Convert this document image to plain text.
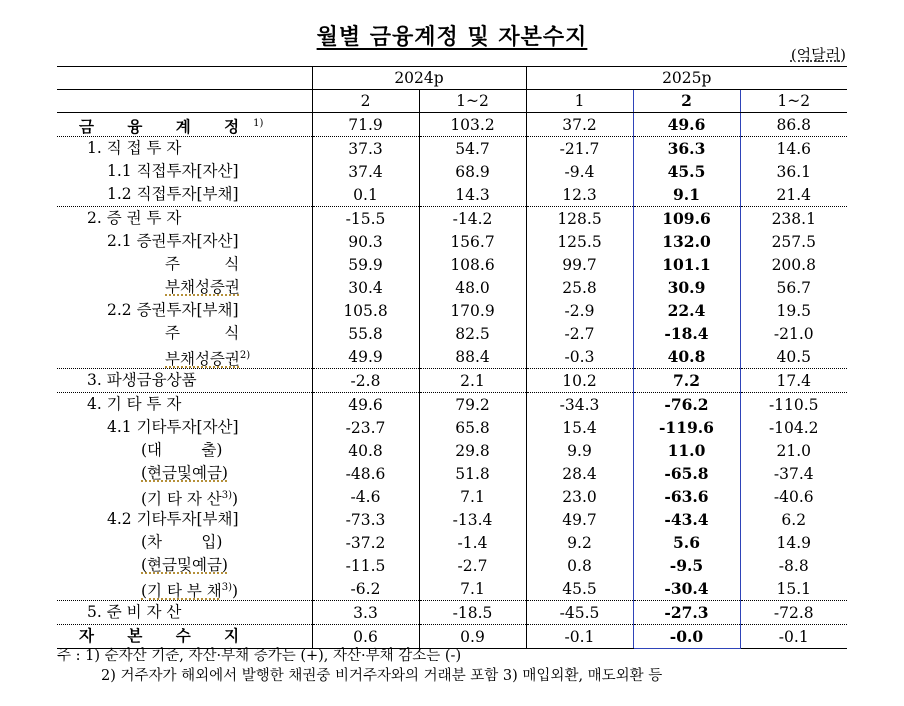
월별 금융계정 및 자본수지
(억달러)
	2024p		2025p		
	2	1~2	1	2	1~2

금 융 계 정$^{1)}$	71.9	103.2	37.2	49.6	86.8

1. 직 접 투 자	37.3	54.7	-21.7	36.3	14.6

1.1 직접투자[자산]	37.4	68.9	-9.4	45.5	36.1

1.2 직접투자[부채]	0.1	14.3	12.3	9.1	21.4

2. 증 권 투 자	-15.5	-14.2	128.5	109.6	238.1

2.1 증권투자[자산]	90.3	156.7	125.5	132.0	257.5

주         식	59.9	108.6	99.7	101.1	200.8

부채성증권	30.4	48.0	25.8	30.9	56.7

2.2 증권투자[부채]	105.8	170.9	-2.9	22.4	19.5

주         식	55.8	82.5	-2.7	-18.4	-21.0

부채성증권$^{2)}$	49.9	88.4	-0.3	40.8	40.5

3. 파생금융상품	-2.8	2.1	10.2	7.2	17.4

4. 기 타 투 자	49.6	79.2	-34.3	-76.2	-110.5

4.1 기타투자[자산]	-23.7	65.8	15.4	-119.6	-104.2

(대        출)	40.8	29.8	9.9	11.0	21.0

(현금및예금)	-48.6	51.8	28.4	-65.8	-37.4

(기 타 자 산$^{3)}$)	-4.6	7.1	23.0	-63.6	-40.6

4.2 기타투자[부채]	-73.3	-13.4	49.7	-43.4	6.2

(차        입)	-37.2	-1.4	9.2	5.6	14.9

(현금및예금)	-11.5	-2.7	0.8	-9.5	-8.8

(기 타 부 채$^{3)}$)	-6.2	7.1	45.5	-30.4	15.1

5. 준 비 자 산	3.3	-18.5	-45.5	-27.3	-72.8

자 본 수 지	0.6	0.9	-0.1	-0.0	-0.1
주 : 1) 순자산 기준, 자산·부채 증가는 (+), 자산·부채 감소는 (-)
2) 거주자가 해외에서 발행한 채권중 비거주자와의 거래분 포함 3) 매입외환, 매도외환 등
